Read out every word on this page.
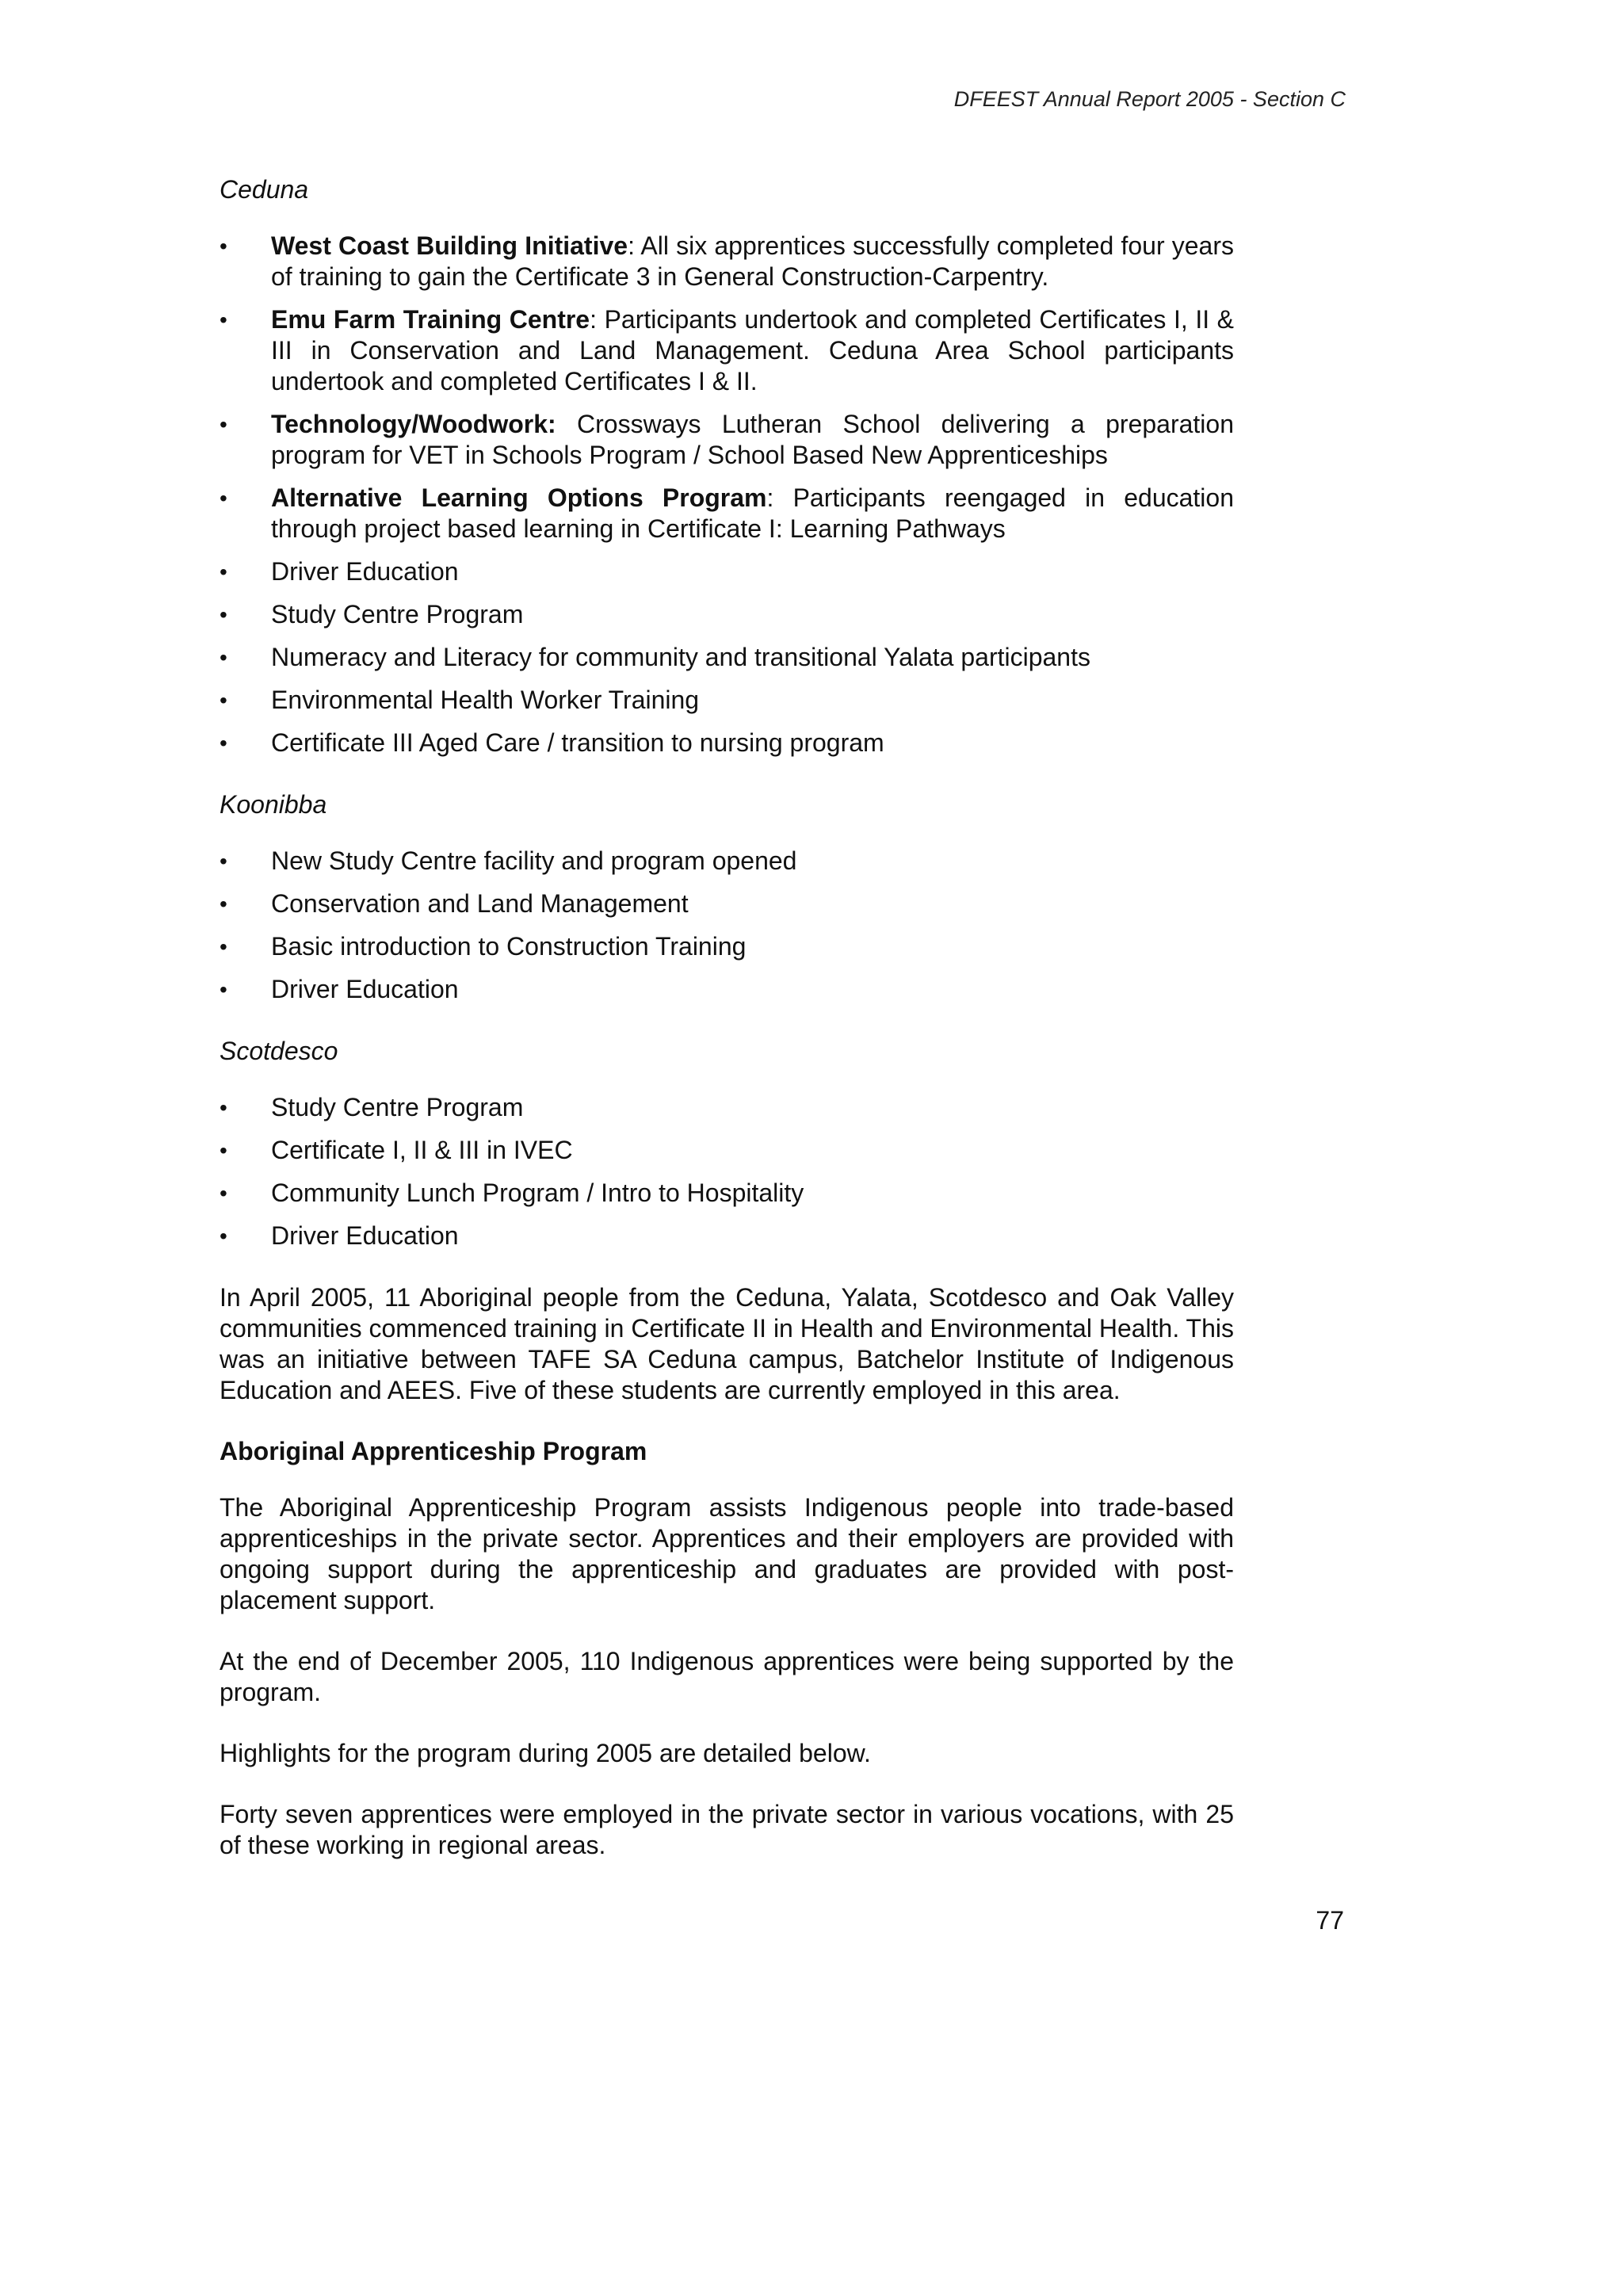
DFEEST Annual Report 2005 - Section C
Ceduna
•	West Coast Building Initiative: All six apprentices successfully completed four years of training to gain the Certificate 3 in General Construction-Carpentry.
•	Emu Farm Training Centre: Participants undertook and completed Certificates I, II & III in Conservation and Land Management. Ceduna Area School participants undertook and completed Certificates I & II.
•	Technology/Woodwork: Crossways Lutheran School delivering a preparation program for VET in Schools Program / School Based New Apprenticeships
•	Alternative Learning Options Program: Participants reengaged in education through project based learning in Certificate I: Learning Pathways
•	Driver Education
•	Study Centre Program
•	Numeracy and Literacy for community and transitional Yalata participants
•	Environmental Health Worker Training
•	Certificate III Aged Care / transition to nursing program
Koonibba
•	New Study Centre facility and program opened
•	Conservation and Land Management
•	Basic introduction to Construction Training
•	Driver Education
Scotdesco
•	Study Centre Program
•	Certificate I, II & III in IVEC
•	Community Lunch Program / Intro to Hospitality
•	Driver Education

In April 2005, 11 Aboriginal people from the Ceduna, Yalata, Scotdesco and Oak Valley communities commenced training in Certificate II in Health and Environmental Health. This was an initiative between TAFE SA Ceduna campus, Batchelor Institute of Indigenous Education and AEES. Five of these students are currently employed in this area.

Aboriginal Apprenticeship Program

The Aboriginal Apprenticeship Program assists Indigenous people into trade-based apprenticeships in the private sector. Apprentices and their employers are provided with ongoing support during the apprenticeship and graduates are provided with post-placement support.

At the end of December 2005, 110 Indigenous apprentices were being supported by the program.

Highlights for the program during 2005 are detailed below.

Forty seven apprentices were employed in the private sector in various vocations, with 25 of these working in regional areas.

77
